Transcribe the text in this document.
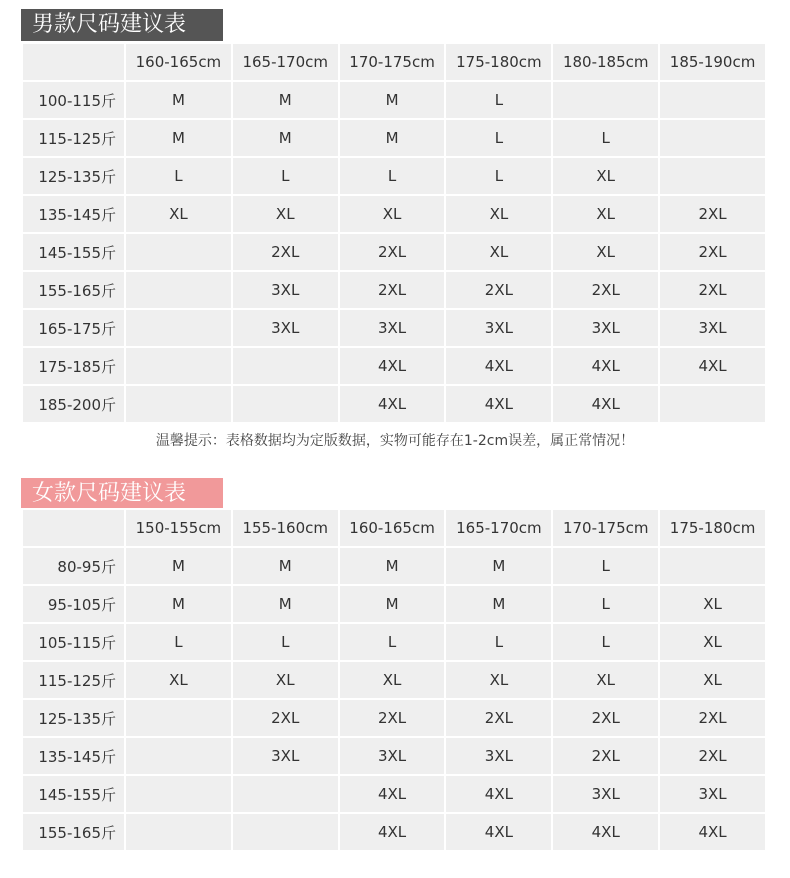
男款尺码建议表
	160-165cm	165-170cm	170-175cm	175-180cm	180-185cm	185-190cm
100-115斤	M	M	M	L		
115-125斤	M	M	M	L	L	
125-135斤	L	L	L	L	XL	
135-145斤	XL	XL	XL	XL	XL	2XL
145-155斤		2XL	2XL	XL	XL	2XL
155-165斤		3XL	2XL	2XL	2XL	2XL
165-175斤		3XL	3XL	3XL	3XL	3XL
175-185斤			4XL	4XL	4XL	4XL
185-200斤			4XL	4XL	4XL	
温馨提示：表格数据均为定版数据，实物可能存在1-2cm误差，属正常情况！
女款尺码建议表
	150-155cm	155-160cm	160-165cm	165-170cm	170-175cm	175-180cm
80-95斤	M	M	M	M	L	
95-105斤	M	M	M	M	L	XL
105-115斤	L	L	L	L	L	XL
115-125斤	XL	XL	XL	XL	XL	XL
125-135斤		2XL	2XL	2XL	2XL	2XL
135-145斤		3XL	3XL	3XL	2XL	2XL
145-155斤			4XL	4XL	3XL	3XL
155-165斤			4XL	4XL	4XL	4XL
